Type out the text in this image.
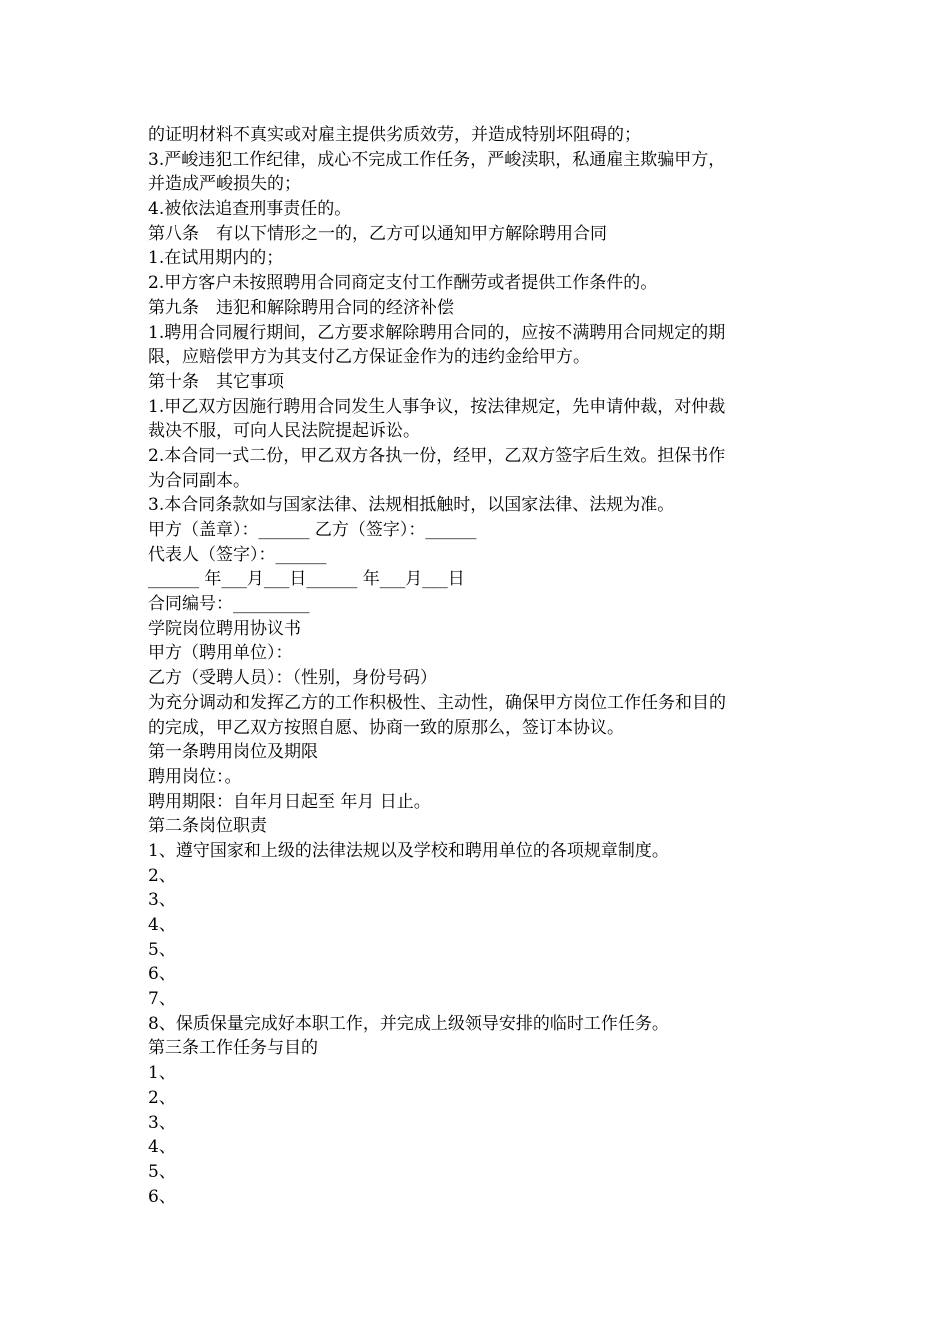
的证明材料不真实或对雇主提供劣质效劳，并造成特别坏阻碍的；
3.严峻违犯工作纪律，成心不完成工作任务，严峻渎职，私通雇主欺骗甲方，
并造成严峻损失的；
4.被依法追查刑事责任的。
第八条　有以下情形之一的，乙方可以通知甲方解除聘用合同
1.在试用期内的；
2.甲方客户未按照聘用合同商定支付工作酬劳或者提供工作条件的。
第九条　违犯和解除聘用合同的经济补偿
1.聘用合同履行期间，乙方要求解除聘用合同的，应按不满聘用合同规定的期
限，应赔偿甲方为其支付乙方保证金作为的违约金给甲方。
第十条　其它事项
1.甲乙双方因施行聘用合同发生人事争议，按法律规定，先申请仲裁，对仲裁
裁决不服，可向人民法院提起诉讼。
2.本合同一式二份，甲乙双方各执一份，经甲，乙双方签字后生效。担保书作
为合同副本。
3.本合同条款如与国家法律、法规相抵触时，以国家法律、法规为准。
甲方（盖章）：______ 乙方（签字）：______
代表人（签字）：______
______ 年___月___日______ 年___月___日
合同编号：_________
学院岗位聘用协议书
甲方（聘用单位）：
乙方（受聘人员）：（性别，身份号码）
为充分调动和发挥乙方的工作积极性、主动性，确保甲方岗位工作任务和目的
的完成，甲乙双方按照自愿、协商一致的原那么，签订本协议。
第一条聘用岗位及期限
聘用岗位：。
聘用期限：自年月日起至 年月 日止。
第二条岗位职责
1、遵守国家和上级的法律法规以及学校和聘用单位的各项规章制度。
2、
3、
4、
5、
6、
7、
8、保质保量完成好本职工作，并完成上级领导安排的临时工作任务。
第三条工作任务与目的
1、
2、
3、
4、
5、
6、
